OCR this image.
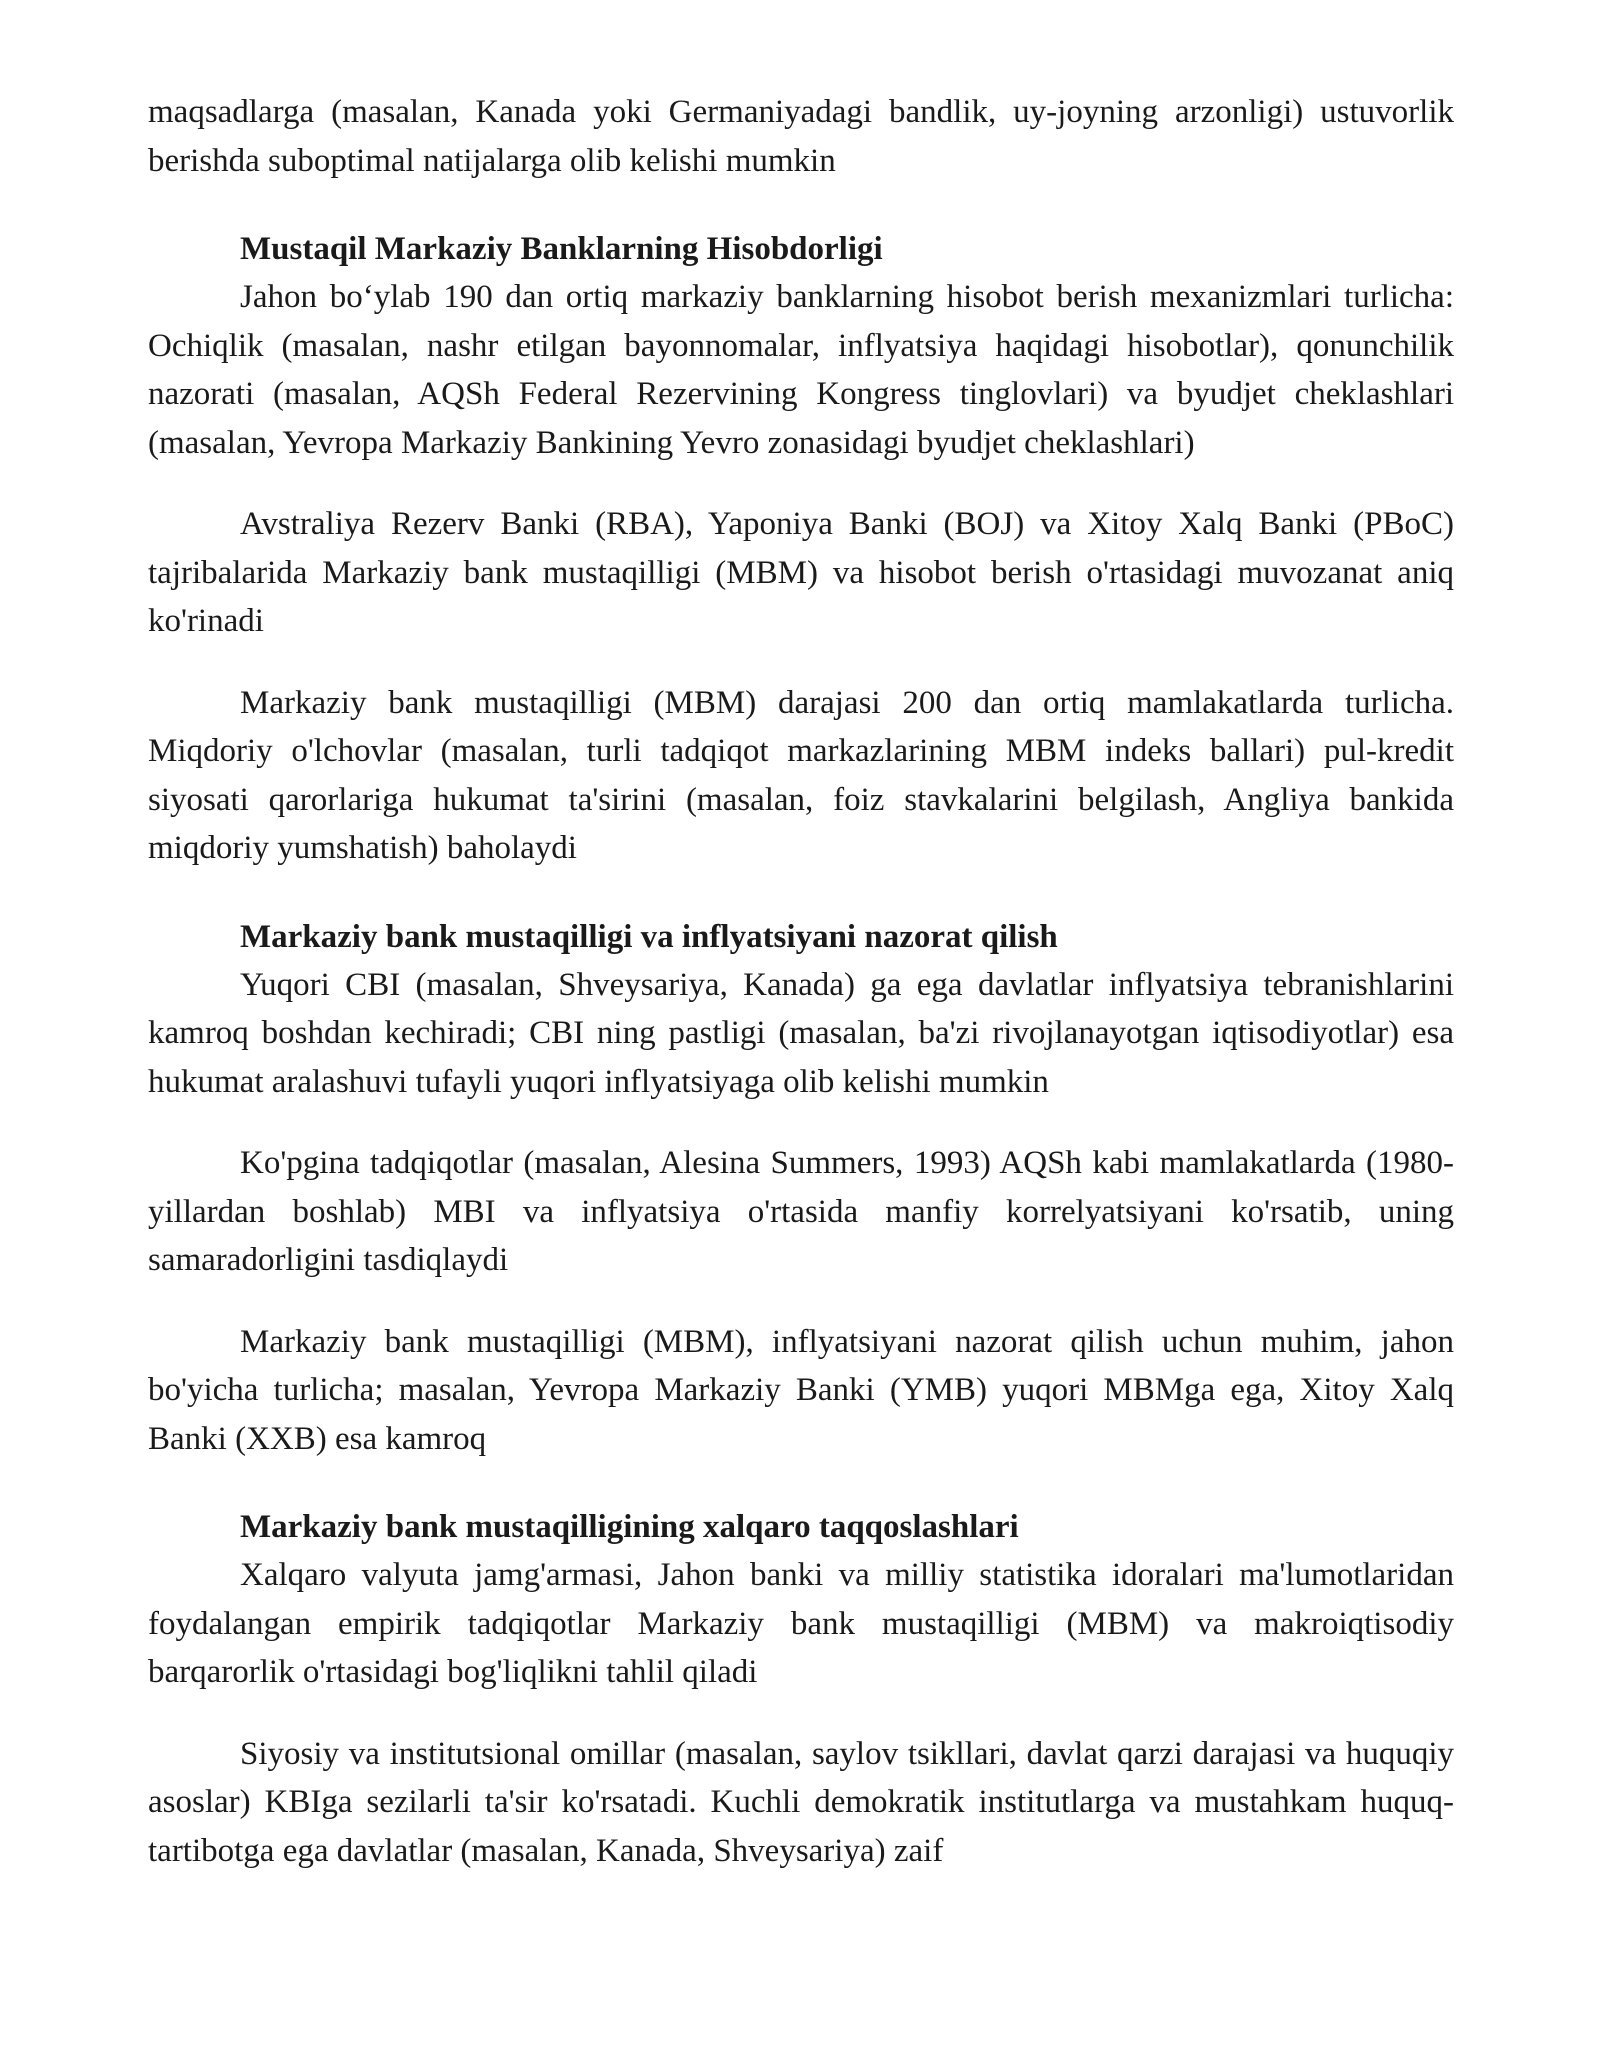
maqsadlarga (masalan, Kanada yoki Germaniyadagi bandlik, uy-joyning arzonligi) ustuvorlik berishda suboptimal natijalarga olib kelishi mumkin

Mustaqil Markaziy Banklarning Hisobdorligi

Jahon bo‘ylab 190 dan ortiq markaziy banklarning hisobot berish mexanizmlari turlicha: Ochiqlik (masalan, nashr etilgan bayonnomalar, inflyatsiya haqidagi hisobotlar), qonunchilik nazorati (masalan, AQSh Federal Rezervining Kongress tinglovlari) va byudjet cheklashlari (masalan, Yevropa Markaziy Bankining Yevro zonasidagi byudjet cheklashlari)

Avstraliya Rezerv Banki (RBA), Yaponiya Banki (BOJ) va Xitoy Xalq Banki (PBoC) tajribalarida Markaziy bank mustaqilligi (MBM) va hisobot berish o'rtasidagi muvozanat aniq ko'rinadi

Markaziy bank mustaqilligi (MBM) darajasi 200 dan ortiq mamlakatlarda turlicha. Miqdoriy o'lchovlar (masalan, turli tadqiqot markazlarining MBM indeks ballari) pul-kredit siyosati qarorlariga hukumat ta'sirini (masalan, foiz stavkalarini belgilash, Angliya bankida miqdoriy yumshatish) baholaydi

Markaziy bank mustaqilligi va inflyatsiyani nazorat qilish

Yuqori CBI (masalan, Shveysariya, Kanada) ga ega davlatlar inflyatsiya tebranishlarini kamroq boshdan kechiradi; CBI ning pastligi (masalan, ba'zi rivojlanayotgan iqtisodiyotlar) esa hukumat aralashuvi tufayli yuqori inflyatsiyaga olib kelishi mumkin

Ko'pgina tadqiqotlar (masalan, Alesina Summers, 1993) AQSh kabi mamlakatlarda (1980-yillardan boshlab) MBI va inflyatsiya o'rtasida manfiy korrelyatsiyani ko'rsatib, uning samaradorligini tasdiqlaydi

Markaziy bank mustaqilligi (MBM), inflyatsiyani nazorat qilish uchun muhim, jahon bo'yicha turlicha; masalan, Yevropa Markaziy Banki (YMB) yuqori MBMga ega, Xitoy Xalq Banki (XXB) esa kamroq

Markaziy bank mustaqilligining xalqaro taqqoslashlari

Xalqaro valyuta jamg'armasi, Jahon banki va milliy statistika idoralari ma'lumotlaridan foydalangan empirik tadqiqotlar Markaziy bank mustaqilligi (MBM) va makroiqtisodiy barqarorlik o'rtasidagi bog'liqlikni tahlil qiladi

Siyosiy va institutsional omillar (masalan, saylov tsikllari, davlat qarzi darajasi va huquqiy asoslar) KBIga sezilarli ta'sir ko'rsatadi. Kuchli demokratik institutlarga va mustahkam huquq-tartibotga ega davlatlar (masalan, Kanada, Shveysariya) zaif
